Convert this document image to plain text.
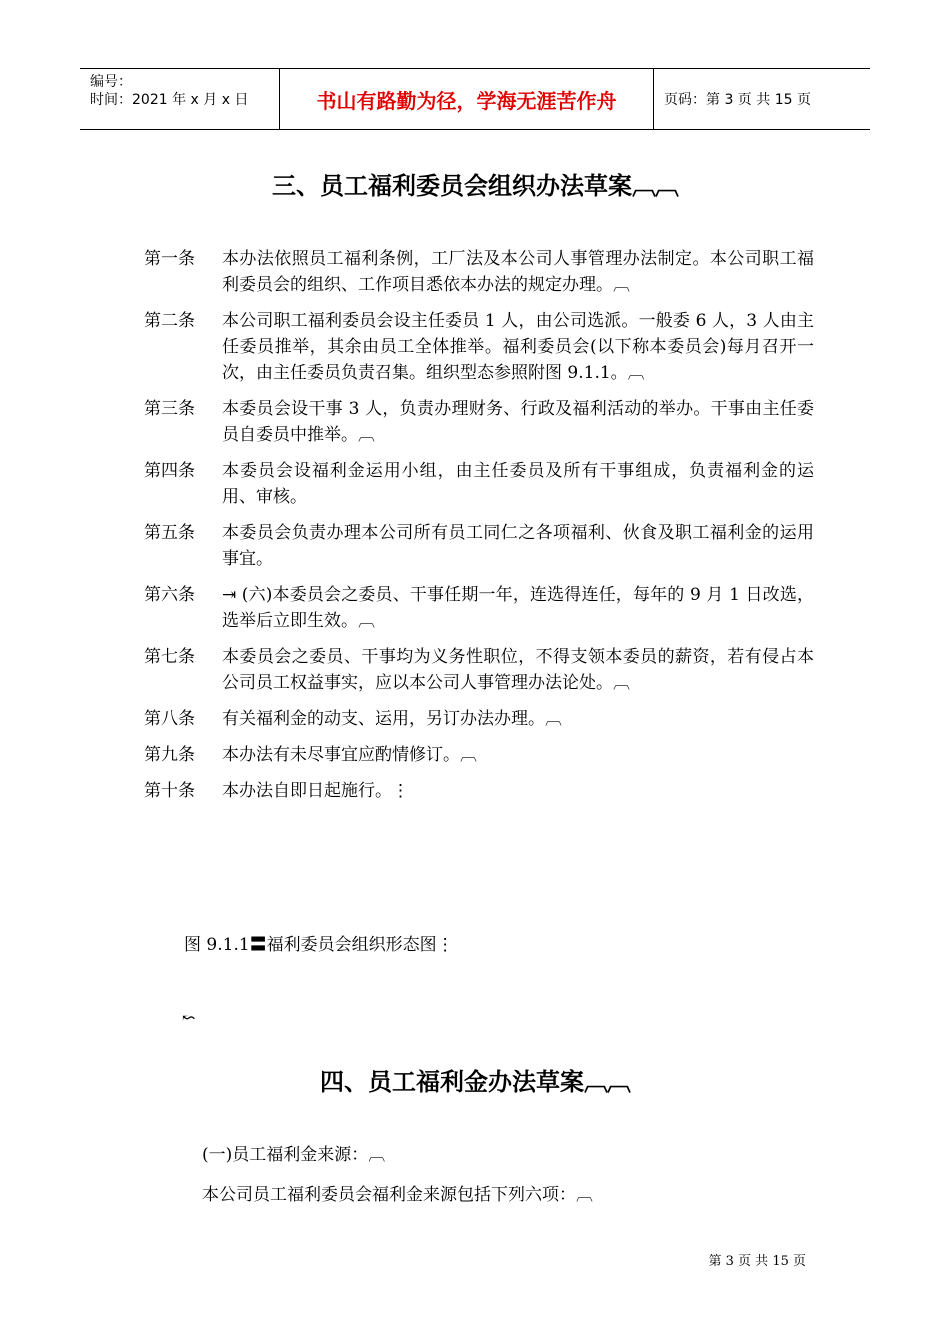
编号：
时间：2021 年 x 月 x 日	书山有路勤为径，学海无涯苦作舟	页码：第 3 页 共 15 页
三、员工福利委员会组织办法草案︹︹
第一条	本办法依照员工福利条例，工厂法及本公司人事管理办法制定。本公司职工福利委员会的组织、工作项目悉依本办法的规定办理。︹
第二条	本公司职工福利委员会设主任委员 1 人，由公司选派。一般委 6 人，3 人由主任委员推举，其余由员工全体推举。福利委员会(以下称本委员会)每月召开一次，由主任委员负责召集。组织型态参照附图 9.1.1。︹
第三条	本委员会设干事 3 人，负责办理财务、行政及福利活动的举办。干事由主任委员自委员中推举。︹
第四条	本委员会设福利金运用小组，由主任委员及所有干事组成，负责福利金的运用、审核。
第五条	本委员会负责办理本公司所有员工同仁之各项福利、伙食及职工福利金的运用事宜。
第六条	⇥ (六)本委员会之委员、干事任期一年，连选得连任，每年的 9 月 1 日改选，选举后立即生效。︹
第七条	本委员会之委员、干事均为义务性职位，不得支领本委员的薪资，若有侵占本公司员工权益事实，应以本公司人事管理办法论处。︹
第八条	有关福利金的动支、运用，另订办法办理。︹
第九条	本办法有未尽事宜应酌情修订。︹
第十条	本办法自即日起施行。⋮
图 9.1.1〓福利委员会组织形态图⋮
↜
四、员工福利金办法草案︹︹
(一)员工福利金来源：︹
本公司员工福利委员会福利金来源包括下列六项：︹
第 3 页 共 15 页
